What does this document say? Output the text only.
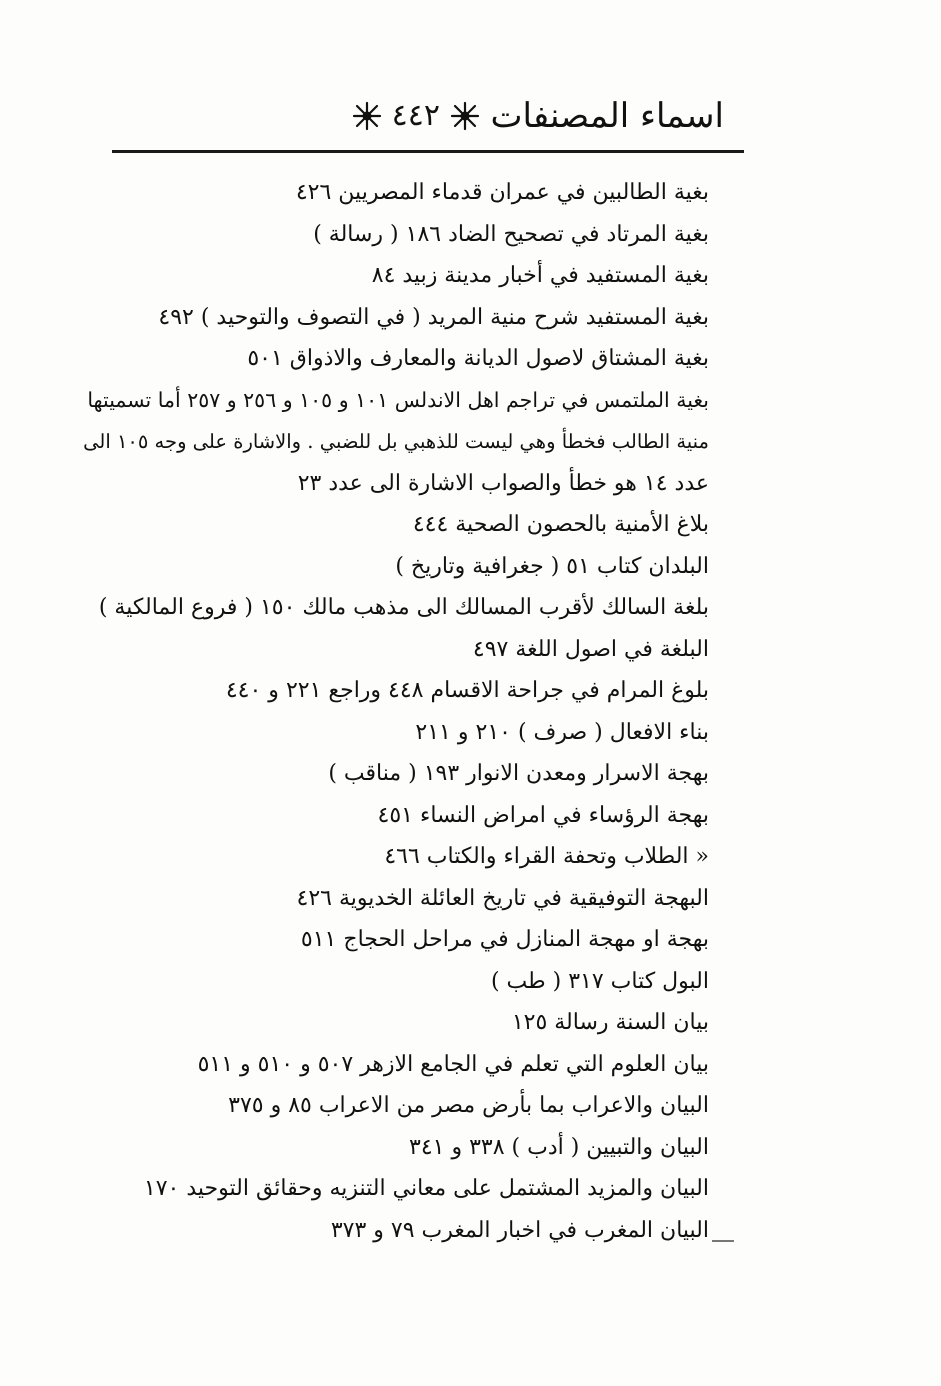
اسماء المصنفات
٤٤٢
بغية الطالبين في عمران قدماء المصريين ٤٢٦
بغية المرتاد في تصحيح الضاد ١٨٦ ( رسالة )
بغية المستفيد في أخبار مدينة زبيد ٨٤
بغية المستفيد شرح منية المريد ( في التصوف والتوحيد ) ٤٩٢
بغية المشتاق لاصول الديانة والمعارف والاذواق ٥٠١
بغية الملتمس في تراجم اهل الاندلس ١٠١ و ١٠٥ و ٢٥٦ و ٢٥٧ أما تسميتها
منية الطالب فخطأ وهي ليست للذهبي بل للضبي . والاشارة على وجه ١٠٥ الى
عدد ١٤ هو خطأ والصواب الاشارة الى عدد ٢٣
بلاغ الأمنية بالحصون الصحية ٤٤٤
البلدان كتاب ٥١ ( جغرافية وتاريخ )
بلغة السالك لأقرب المسالك الى مذهب مالك ١٥٠ ( فروع المالكية )
البلغة في اصول اللغة ٤٩٧
بلوغ المرام في جراحة الاقسام ٤٤٨ وراجع ٢٢١ و ٤٤٠
بناء الافعال ( صرف ) ٢١٠ و ٢١١
بهجة الاسرار ومعدن الانوار ١٩٣ ( مناقب )
بهجة الرؤساء في امراض النساء ٤٥١
« الطلاب وتحفة القراء والكتاب ٤٦٦
البهجة التوفيقية في تاريخ العائلة الخديوية ٤٢٦
بهجة او مهجة المنازل في مراحل الحجاج ٥١١
البول كتاب ٣١٧ ( طب )
بيان السنة رسالة ١٢٥
بيان العلوم التي تعلم في الجامع الازهر ٥٠٧ و ٥١٠ و ٥١١
البيان والاعراب بما بأرض مصر من الاعراب ٨٥ و ٣٧٥
البيان والتبيين ( أدب ) ٣٣٨ و ٣٤١
البيان والمزيد المشتمل على معاني التنزيه وحقائق التوحيد ١٧٠
البيان المغرب في اخبار المغرب ٧٩ و ٣٧٣
